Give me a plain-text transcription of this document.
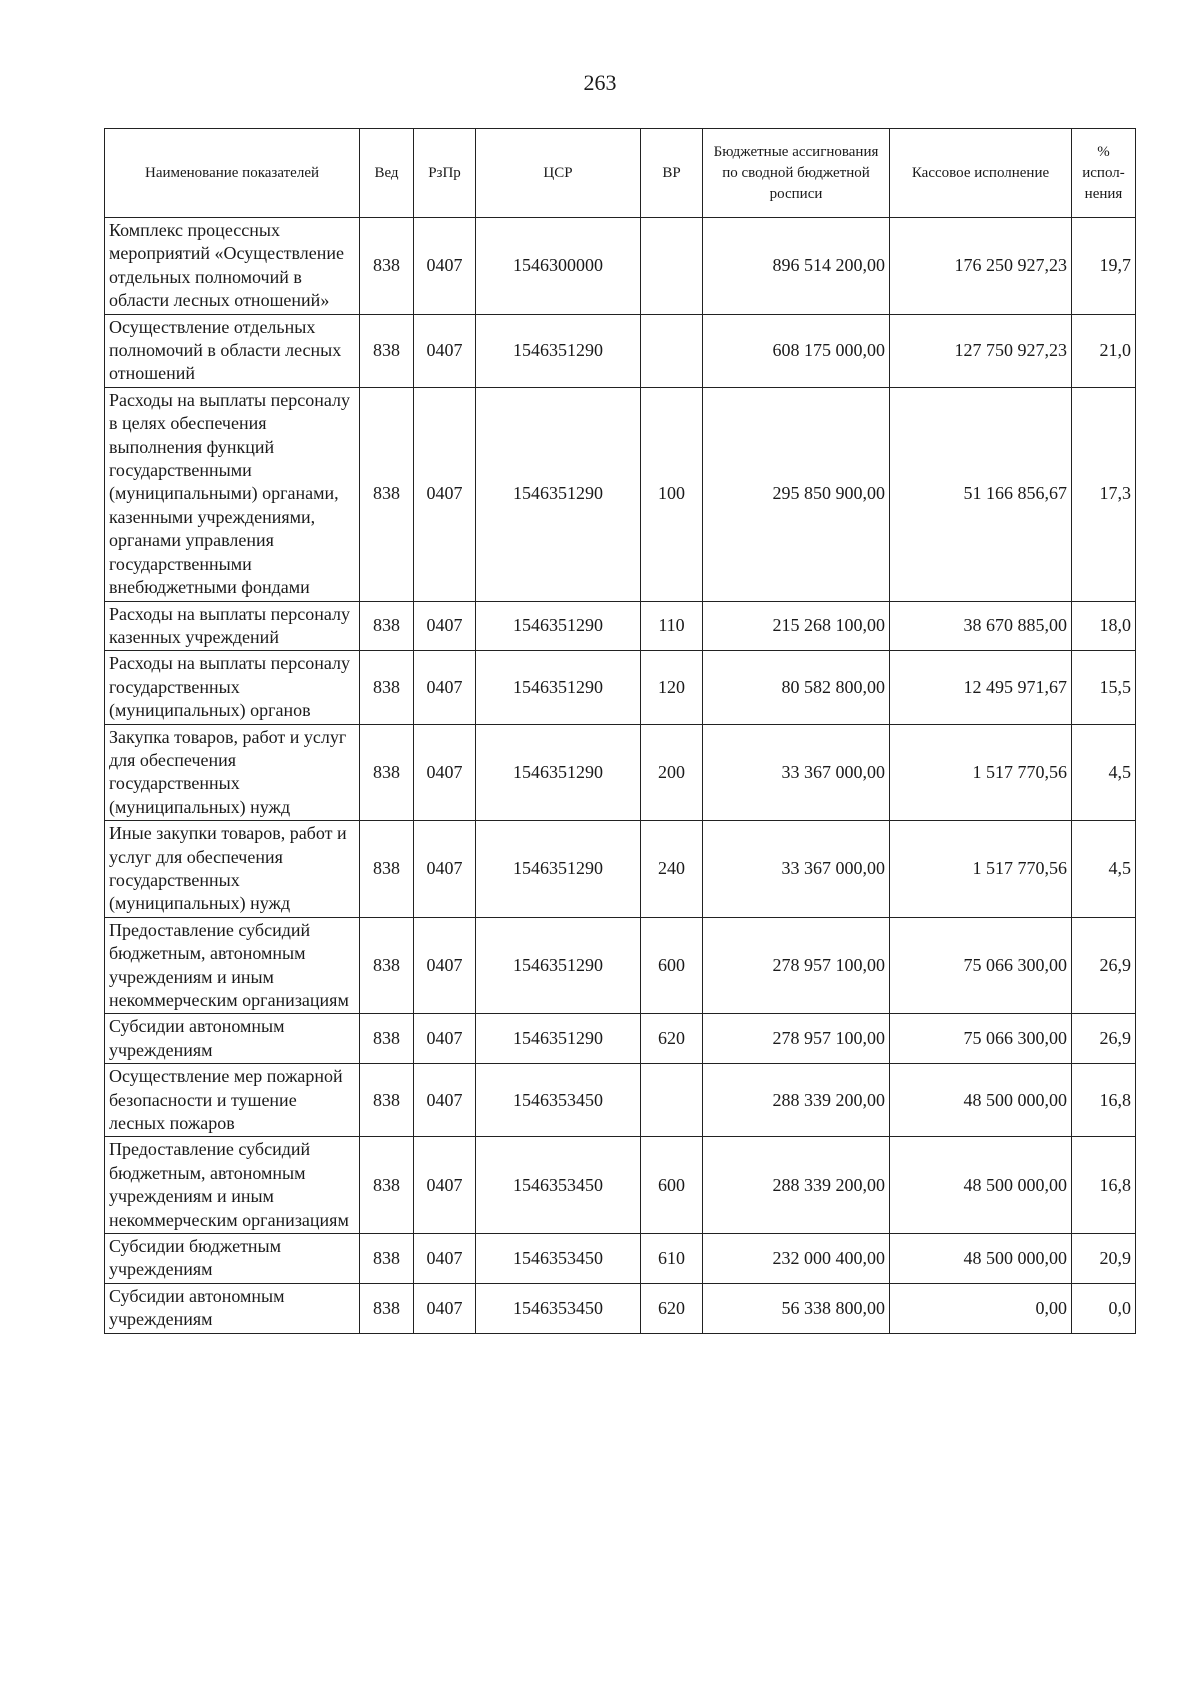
263
Наименование показателей	Вед	РзПр	ЦСР	ВР	Бюджетные ассигнования по сводной бюджетной росписи	Кассовое исполнение	% испол-нения
Комплекс процессных мероприятий «Осуществление отдельных полномочий в области лесных отношений»	838	0407	1546300000		896 514 200,00	176 250 927,23	19,7
Осуществление отдельных полномочий в области лесных отношений	838	0407	1546351290		608 175 000,00	127 750 927,23	21,0
Расходы на выплаты персоналу в целях обеспечения выполнения функций государственными (муниципальными) органами, казенными учреждениями, органами управления государственными внебюджетными фондами	838	0407	1546351290	100	295 850 900,00	51 166 856,67	17,3
Расходы на выплаты персоналу казенных учреждений	838	0407	1546351290	110	215 268 100,00	38 670 885,00	18,0
Расходы на выплаты персоналу государственных (муниципальных) органов	838	0407	1546351290	120	80 582 800,00	12 495 971,67	15,5
Закупка товаров, работ и услуг для обеспечения государственных (муниципальных) нужд	838	0407	1546351290	200	33 367 000,00	1 517 770,56	4,5
Иные закупки товаров, работ и услуг для обеспечения государственных (муниципальных) нужд	838	0407	1546351290	240	33 367 000,00	1 517 770,56	4,5
Предоставление субсидий бюджетным, автономным учреждениям и иным некоммерческим организациям	838	0407	1546351290	600	278 957 100,00	75 066 300,00	26,9
Субсидии автономным учреждениям	838	0407	1546351290	620	278 957 100,00	75 066 300,00	26,9
Осуществление мер пожарной безопасности и тушение лесных пожаров	838	0407	1546353450		288 339 200,00	48 500 000,00	16,8
Предоставление субсидий бюджетным, автономным учреждениям и иным некоммерческим организациям	838	0407	1546353450	600	288 339 200,00	48 500 000,00	16,8
Субсидии бюджетным учреждениям	838	0407	1546353450	610	232 000 400,00	48 500 000,00	20,9
Субсидии автономным учреждениям	838	0407	1546353450	620	56 338 800,00	0,00	0,0
